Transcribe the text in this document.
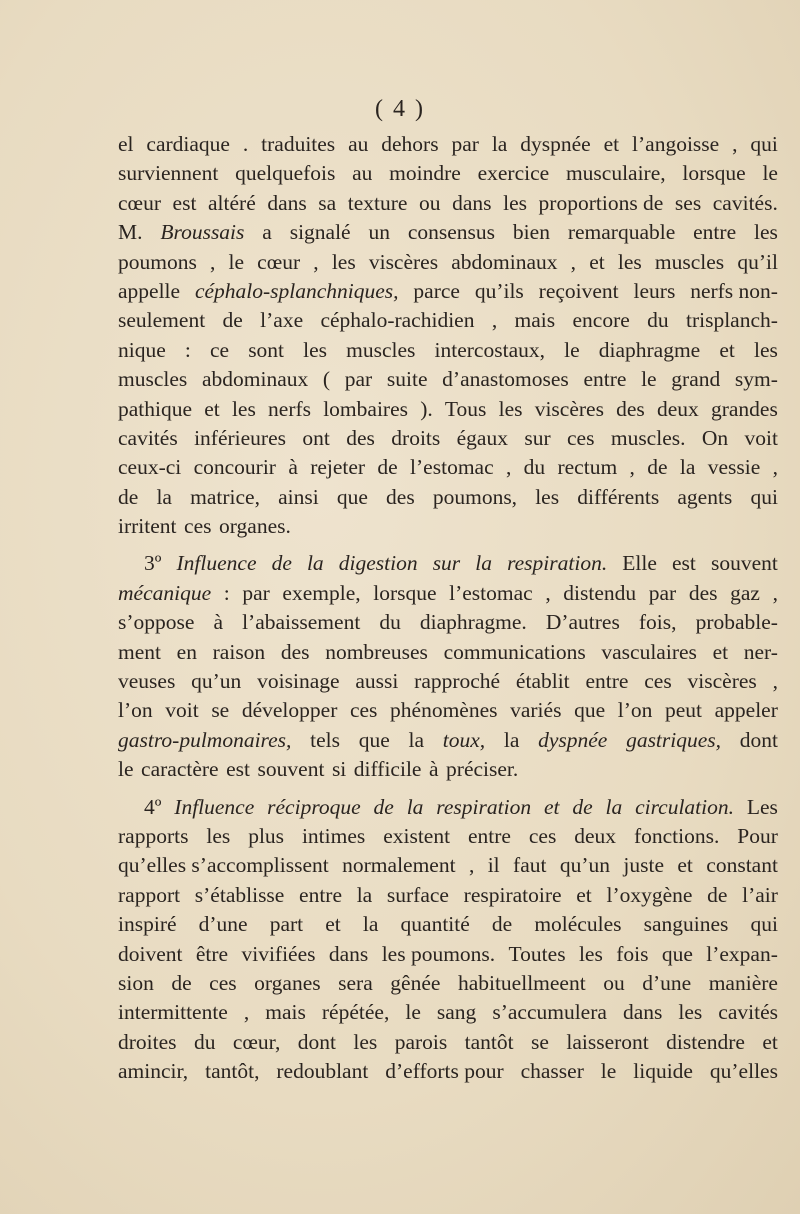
( 4 )
el cardiaque . traduites au dehors par la dyspnée et l’angoisse , qui
surviennent quelquefois au moindre exercice musculaire, lorsque le
cœur est altéré dans sa texture ou dans les proportions de ses cavités.
M. Broussais a signalé un consensus bien remarquable entre les
poumons , le cœur , les viscères abdominaux , et les muscles qu’il
appelle céphalo-splanchniques, parce qu’ils reçoivent leurs nerfs non-
seulement de l’axe céphalo-rachidien , mais encore du trisplanch-
nique : ce sont les muscles intercostaux, le diaphragme et les
muscles abdominaux ( par suite d’anastomoses entre le grand sym-
pathique et les nerfs lombaires ). Tous les viscères des deux grandes
cavités inférieures ont des droits égaux sur ces muscles. On voit
ceux-ci concourir à rejeter de l’estomac , du rectum , de la vessie ,
de la matrice, ainsi que des poumons, les différents agents qui
irritent ces organes.
3º Influence de la digestion sur la respiration. Elle est souvent
mécanique : par exemple, lorsque l’estomac , distendu par des gaz ,
s’oppose à l’abaissement du diaphragme. D’autres fois, probable-
ment en raison des nombreuses communications vasculaires et ner-
veuses qu’un voisinage aussi rapproché établit entre ces viscères ,
l’on voit se développer ces phénomènes variés que l’on peut appeler
gastro-pulmonaires, tels que la toux, la dyspnée gastriques, dont
le caractère est souvent si difficile à préciser.
4º Influence réciproque de la respiration et de la circulation. Les
rapports les plus intimes existent entre ces deux fonctions. Pour
qu’elles s’accomplissent normalement , il faut qu’un juste et constant
rapport s’établisse entre la surface respiratoire et l’oxygène de l’air
inspiré d’une part et la quantité de molécules sanguines qui
doivent être vivifiées dans les poumons. Toutes les fois que l’expan-
sion de ces organes sera gênée habituellmeent ou d’une manière
intermittente , mais répétée, le sang s’accumulera dans les cavités
droites du cœur, dont les parois tantôt se laisseront distendre et
amincir, tantôt, redoublant d’efforts pour chasser le liquide qu’elles
